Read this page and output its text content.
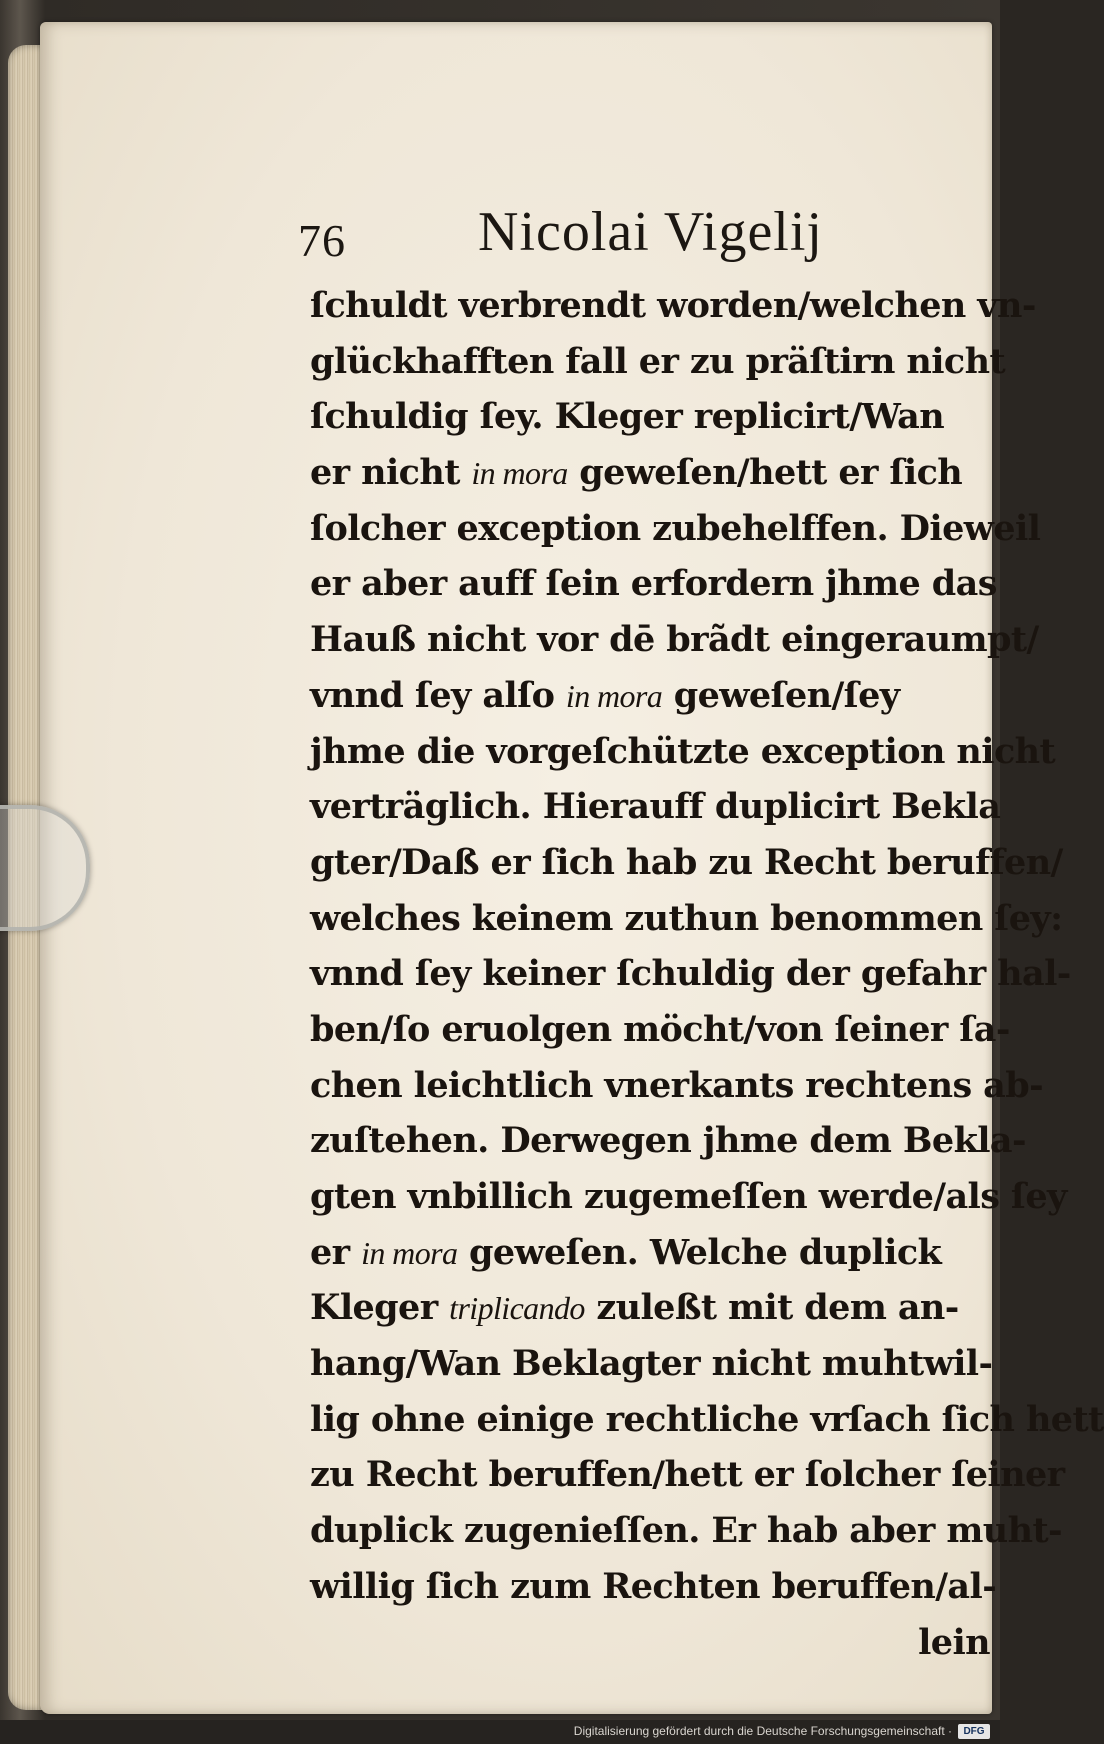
76 Nicolai Vigelij
ſchuldt verbrendt worden/welchen vn-
glückhafften fall er zu präſtirn nicht
ſchuldig ſey. Kleger replicirt/Wan
er nicht in mora geweſen/hett er ſich
ſolcher exception zubehelffen. Dieweil
er aber auff ſein erfordern jhme das
Hauß nicht vor dē brãdt eingeraumpt/
vnnd ſey alſo in mora geweſen/ſey
jhme die vorgeſchützte exception nicht
verträglich. Hierauff duplicirt Bekla
gter/Daß er ſich hab zu Recht beruffen/
welches keinem zuthun benommen ſey:
vnnd ſey keiner ſchuldig der gefahr hal-
ben/ſo eruolgen möcht/von ſeiner ſa-
chen leichtlich vnerkants rechtens ab-
zuſtehen. Derwegen jhme dem Bekla-
gten vnbillich zugemeſſen werde/als ſey
er in mora geweſen. Welche duplick
Kleger triplicando zuleßt mit dem an-
hang/Wan Beklagter nicht muhtwil-
lig ohne einige rechtliche vrſach ſich hett
zu Recht beruffen/hett er ſolcher ſeiner
duplick zugenieſſen. Er hab aber muht-
willig ſich zum Rechten beruffen/al-
lein
Digitalisierung gefördert durch die Deutsche Forschungsgemeinschaft ·	DFG
